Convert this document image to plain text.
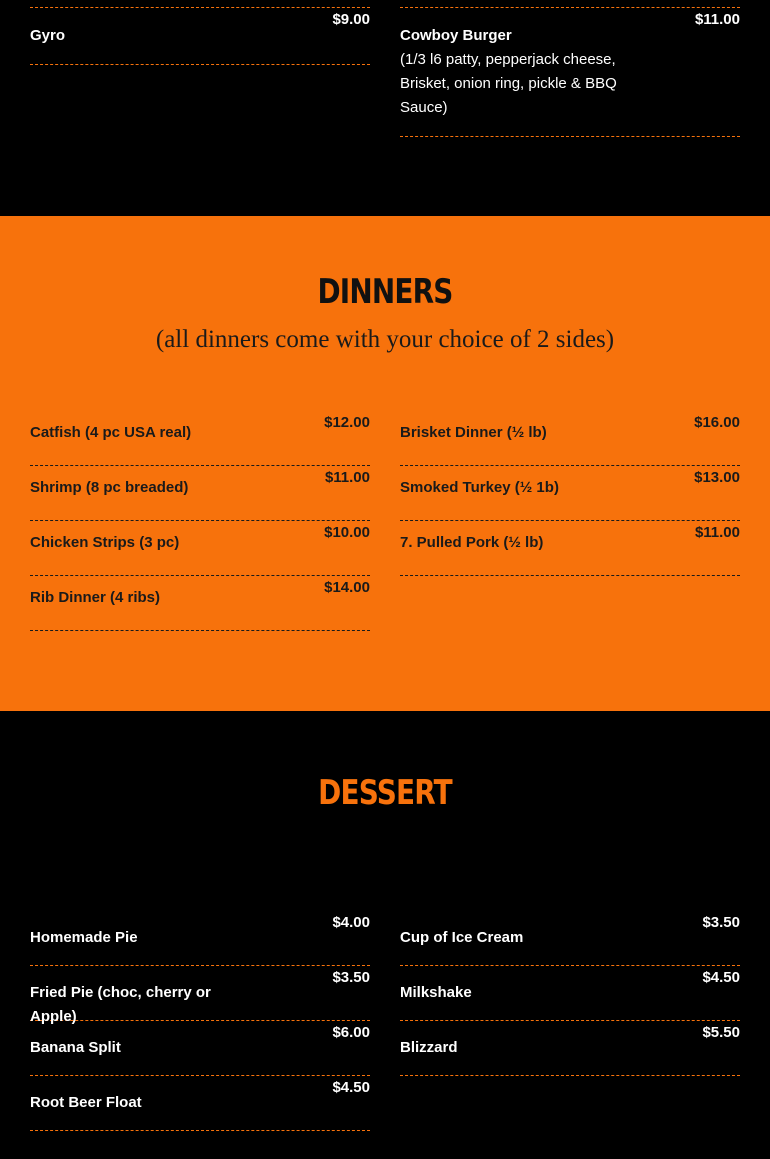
Gyro
$9.00
Cowboy Burger
(1/3 l6 patty, pepperjack cheese, Brisket, onion ring, pickle & BBQ Sauce)
$11.00
DINNERS
(all dinners come with your choice of 2 sides)
Catfish (4 pc USA real)
$12.00
Shrimp (8 pc breaded)
$11.00
Chicken Strips (3 pc)
$10.00
Rib Dinner (4 ribs)
$14.00
Brisket Dinner (½ lb)
$16.00
Smoked Turkey (½ 1b)
$13.00
7. Pulled Pork (½ lb)
$11.00
DESSERT
Homemade Pie
$4.00
Fried Pie (choc, cherry or Apple)
$3.50
Banana Split
$6.00
Root Beer Float
$4.50
Cup of Ice Cream
$3.50
Milkshake
$4.50
Blizzard
$5.50
